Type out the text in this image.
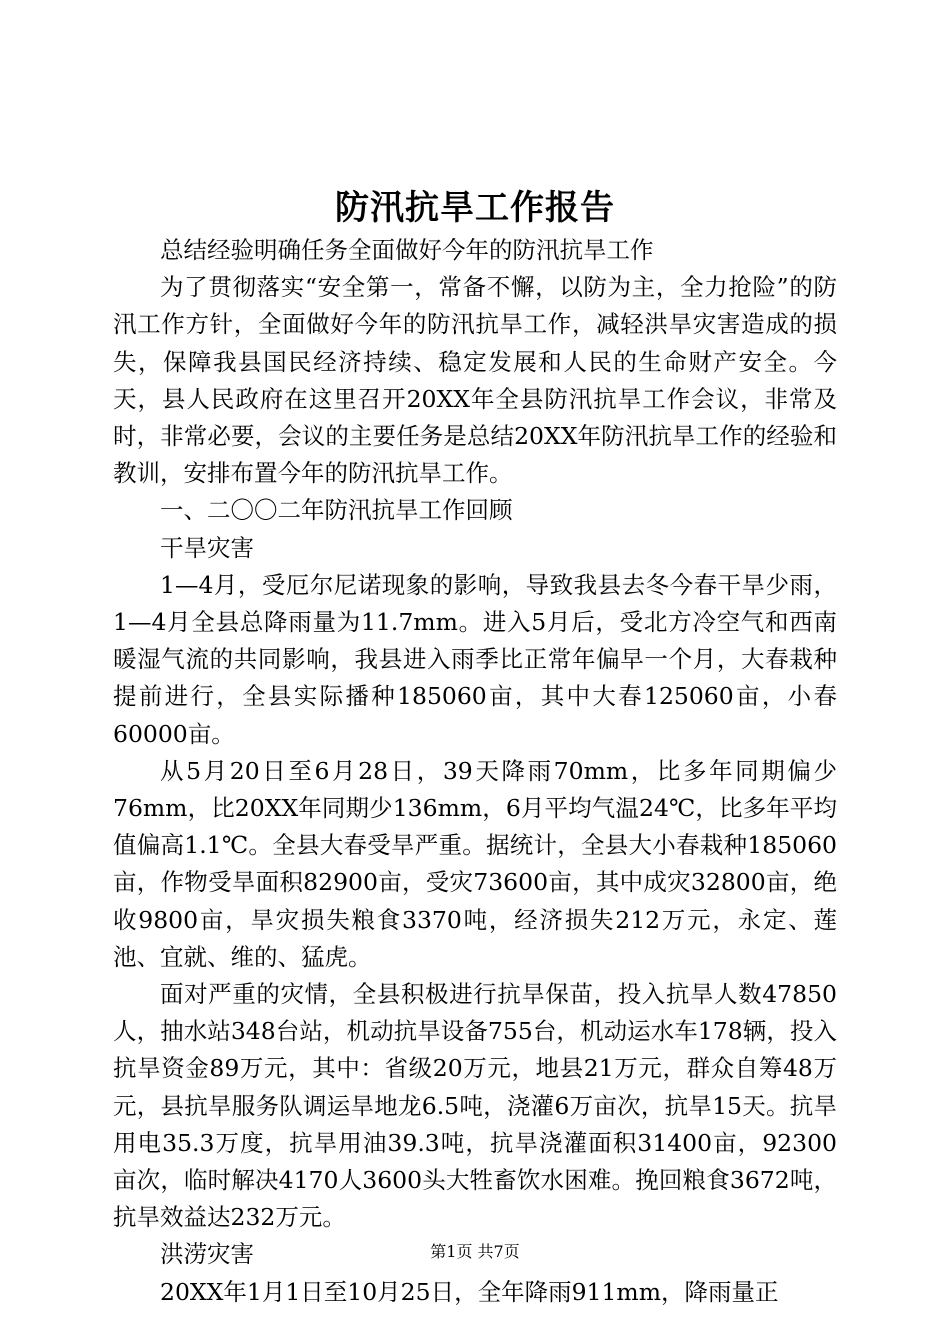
防汛抗旱工作报告

总结经验明确任务全面做好今年的防汛抗旱工作

为了贯彻落实“安全第一，常备不懈，以防为主，全力抢险”的防汛工作方针，全面做好今年的防汛抗旱工作，减轻洪旱灾害造成的损失，保障我县国民经济持续、稳定发展和人民的生命财产安全。今天，县人民政府在这里召开20XX年全县防汛抗旱工作会议，非常及时，非常必要，会议的主要任务是总结20XX年防汛抗旱工作的经验和教训，安排布置今年的防汛抗旱工作。

一、二〇〇二年防汛抗旱工作回顾

干旱灾害

1—4月，受厄尔尼诺现象的影响，导致我县去冬今春干旱少雨，1—4月全县总降雨量为11.7mm。进入5月后，受北方冷空气和西南暖湿气流的共同影响，我县进入雨季比正常年偏早一个月，大春栽种提前进行，全县实际播种185060亩，其中大春125060亩，小春60000亩。

从5月20日至6月28日，39天降雨70mm，比多年同期偏少76mm，比20XX年同期少136mm，6月平均气温24℃，比多年平均值偏高1.1℃。全县大春受旱严重。据统计，全县大小春栽种185060亩，作物受旱面积82900亩，受灾73600亩，其中成灾32800亩，绝收9800亩，旱灾损失粮食3370吨，经济损失212万元，永定、莲池、宜就、维的、猛虎。

面对严重的灾情，全县积极进行抗旱保苗，投入抗旱人数47850人，抽水站348台站，机动抗旱设备755台，机动运水车178辆，投入抗旱资金89万元，其中：省级20万元，地县21万元，群众自筹48万元，县抗旱服务队调运旱地龙6.5吨，浇灌6万亩次，抗旱15天。抗旱用电35.3万度，抗旱用油39.3吨，抗旱浇灌面积31400亩，92300亩次，临时解决4170人3600头大牲畜饮水困难。挽回粮食3672吨，抗旱效益达232万元。

洪涝灾害

20XX年1月1日至10月25日，全年降雨911mm，降雨量正

第1页 共7页
